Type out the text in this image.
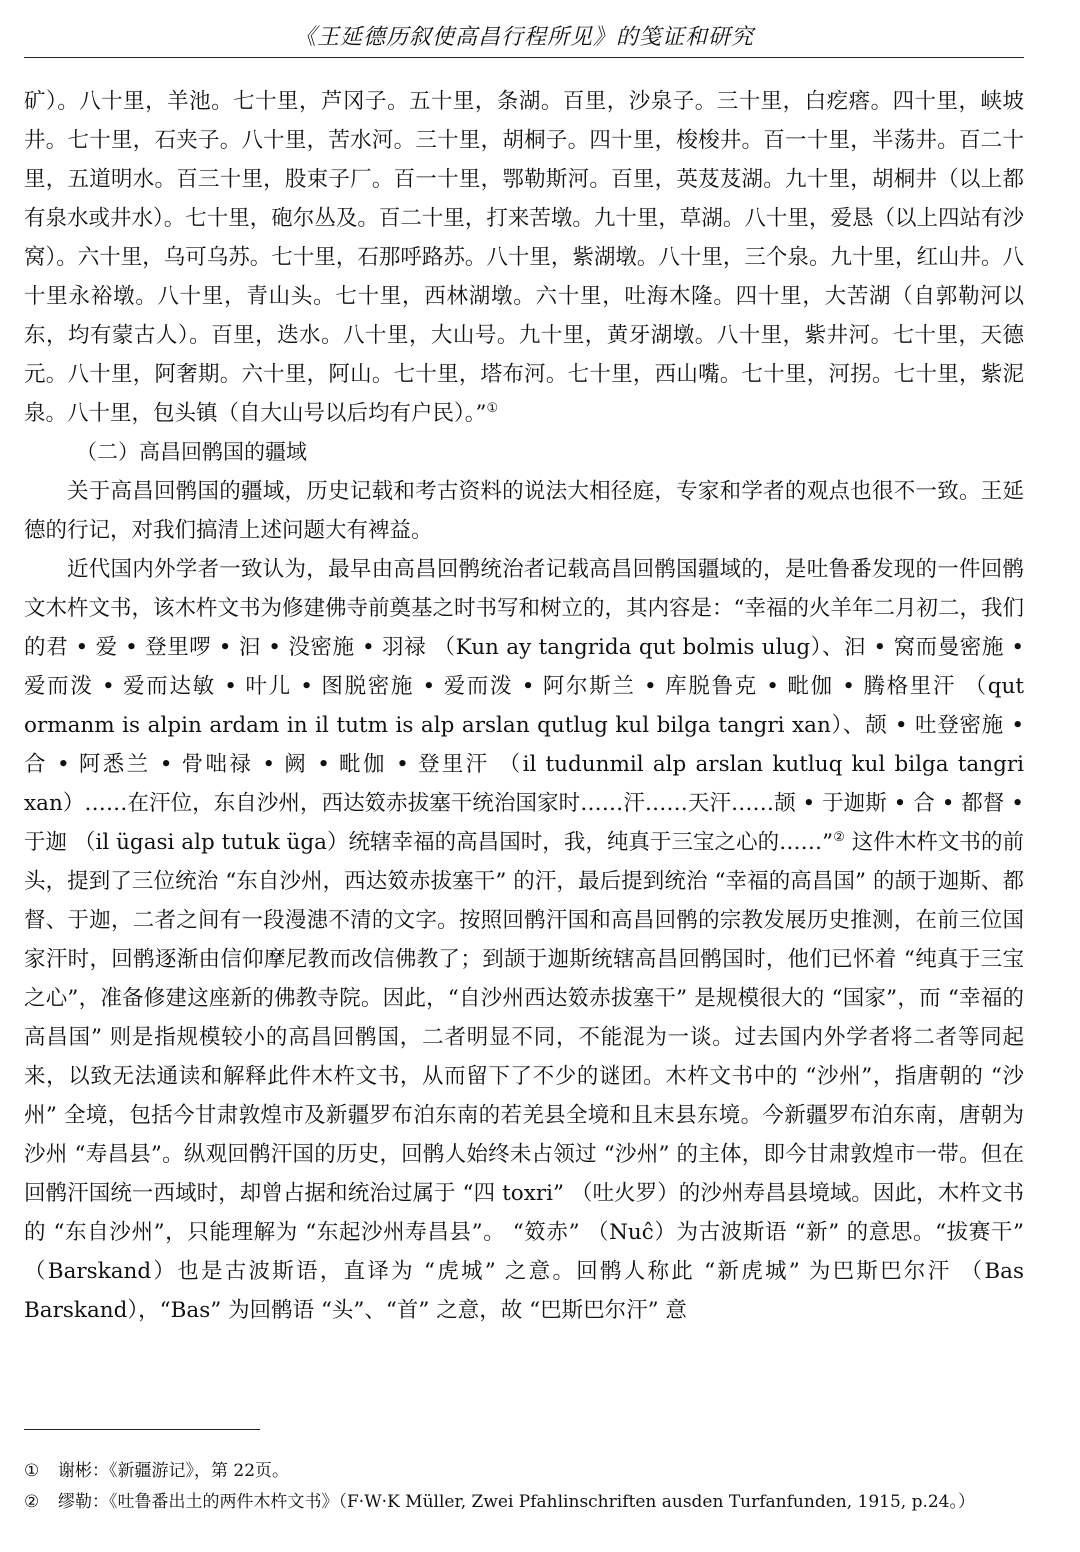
《王延德历叙使高昌行程所见》的笺证和研究

矿）。八十里，羊池。七十里，芦冈子。五十里，条湖。百里，沙泉子。三十里，白疙瘩。四十里，峡坡井。七十里，石夹子。八十里，苦水河。三十里，胡桐子。四十里，梭梭井。百一十里，半荡井。百二十里，五道明水。百三十里，股束子厂。百一十里，鄂勒斯河。百里，英芨芨湖。九十里，胡桐井（以上都有泉水或井水）。七十里，砲尔丛及。百二十里，打来苦墩。九十里，草湖。八十里，爱恳（以上四站有沙窝）。六十里，乌可乌苏。七十里，石那呼路苏。八十里，紫湖墩。八十里，三个泉。九十里，红山井。八十里永裕墩。八十里，青山头。七十里，西林湖墩。六十里，吐海木隆。四十里，大苦湖（自郭勒河以东，均有蒙古人）。百里，迭水。八十里，大山号。九十里，黄牙湖墩。八十里，紫井河。七十里，天德元。八十里，阿奢期。六十里，阿山。七十里，塔布河。七十里，西山嘴。七十里，河拐。七十里，紫泥泉。八十里，包头镇（自大山号以后均有户民）。”①

（二）高昌回鹘国的疆域

关于高昌回鹘国的疆域，历史记载和考古资料的说法大相径庭，专家和学者的观点也很不一致。王延德的行记，对我们搞清上述问题大有裨益。

近代国内外学者一致认为，最早由高昌回鹘统治者记载高昌回鹘国疆域的，是吐鲁番发现的一件回鹘文木杵文书，该木杵文书为修建佛寺前奠基之时书写和树立的，其内容是：“幸福的火羊年二月初二，我们的君 • 爱 • 登里啰 • 汩 • 没密施 • 羽禄 （Kun ay tangrida qut bolmis ulug）、汩 • 窝而曼密施 • 爱而泼 • 爱而达敏 • 叶儿 • 图脱密施 • 爱而泼 • 阿尔斯兰 • 库脱鲁克 • 毗伽 • 腾格里汗 （qut ormanm is alpin ardam in il tutm is alp arslan qutlug kul bilga tangri xan）、颉 • 吐登密施 • 合 • 阿悉兰 • 骨咄禄 • 阙 • 毗伽 • 登里汗 （il tudunmil alp arslan kutluq kul bilga tangri xan）……在汗位，东自沙州，西达笯赤拔塞干统治国家时……汗……天汗……颉 • 于迦斯 • 合 • 都督 • 于迦 （il ügasi alp tutuk üga）统辖幸福的高昌国时，我，纯真于三宝之心的……”② 这件木杵文书的前头，提到了三位统治 “东自沙州，西达笯赤拔塞干” 的汗，最后提到统治 “幸福的高昌国” 的颉于迦斯、都督、于迦，二者之间有一段漫漶不清的文字。按照回鹘汗国和高昌回鹘的宗教发展历史推测，在前三位国家汗时，回鹘逐渐由信仰摩尼教而改信佛教了；到颉于迦斯统辖高昌回鹘国时，他们已怀着 “纯真于三宝之心”，准备修建这座新的佛教寺院。因此，“自沙州西达笯赤拔塞干” 是规模很大的 “国家”，而 “幸福的高昌国” 则是指规模较小的高昌回鹘国，二者明显不同，不能混为一谈。过去国内外学者将二者等同起来，以致无法通读和解释此件木杵文书，从而留下了不少的谜团。木杵文书中的 “沙州”，指唐朝的 “沙州” 全境，包括今甘肃敦煌市及新疆罗布泊东南的若羌县全境和且末县东境。今新疆罗布泊东南，唐朝为沙州 “寿昌县”。纵观回鹘汗国的历史，回鹘人始终未占领过 “沙州” 的主体，即今甘肃敦煌市一带。但在回鹘汗国统一西域时，却曾占据和统治过属于 “四 toxri” （吐火罗）的沙州寿昌县境域。因此，木杵文书的 “东自沙州”，只能理解为 “东起沙州寿昌县”。 “笯赤” （Nuĉ）为古波斯语 “新” 的意思。“拔赛干” （Barskand）也是古波斯语，直译为 “虎城” 之意。回鹘人称此 “新虎城” 为巴斯巴尔汗 （Bas Barskand），“Bas” 为回鹘语 “头”、“首” 之意，故 “巴斯巴尔汗” 意

①	谢彬：《新疆游记》，第 22页。
②	缪勒：《吐鲁番出土的两件木杵文书》（F·W·K Müller, Zwei Pfahlinschriften ausden Turfanfunden, 1915, p.24。）
